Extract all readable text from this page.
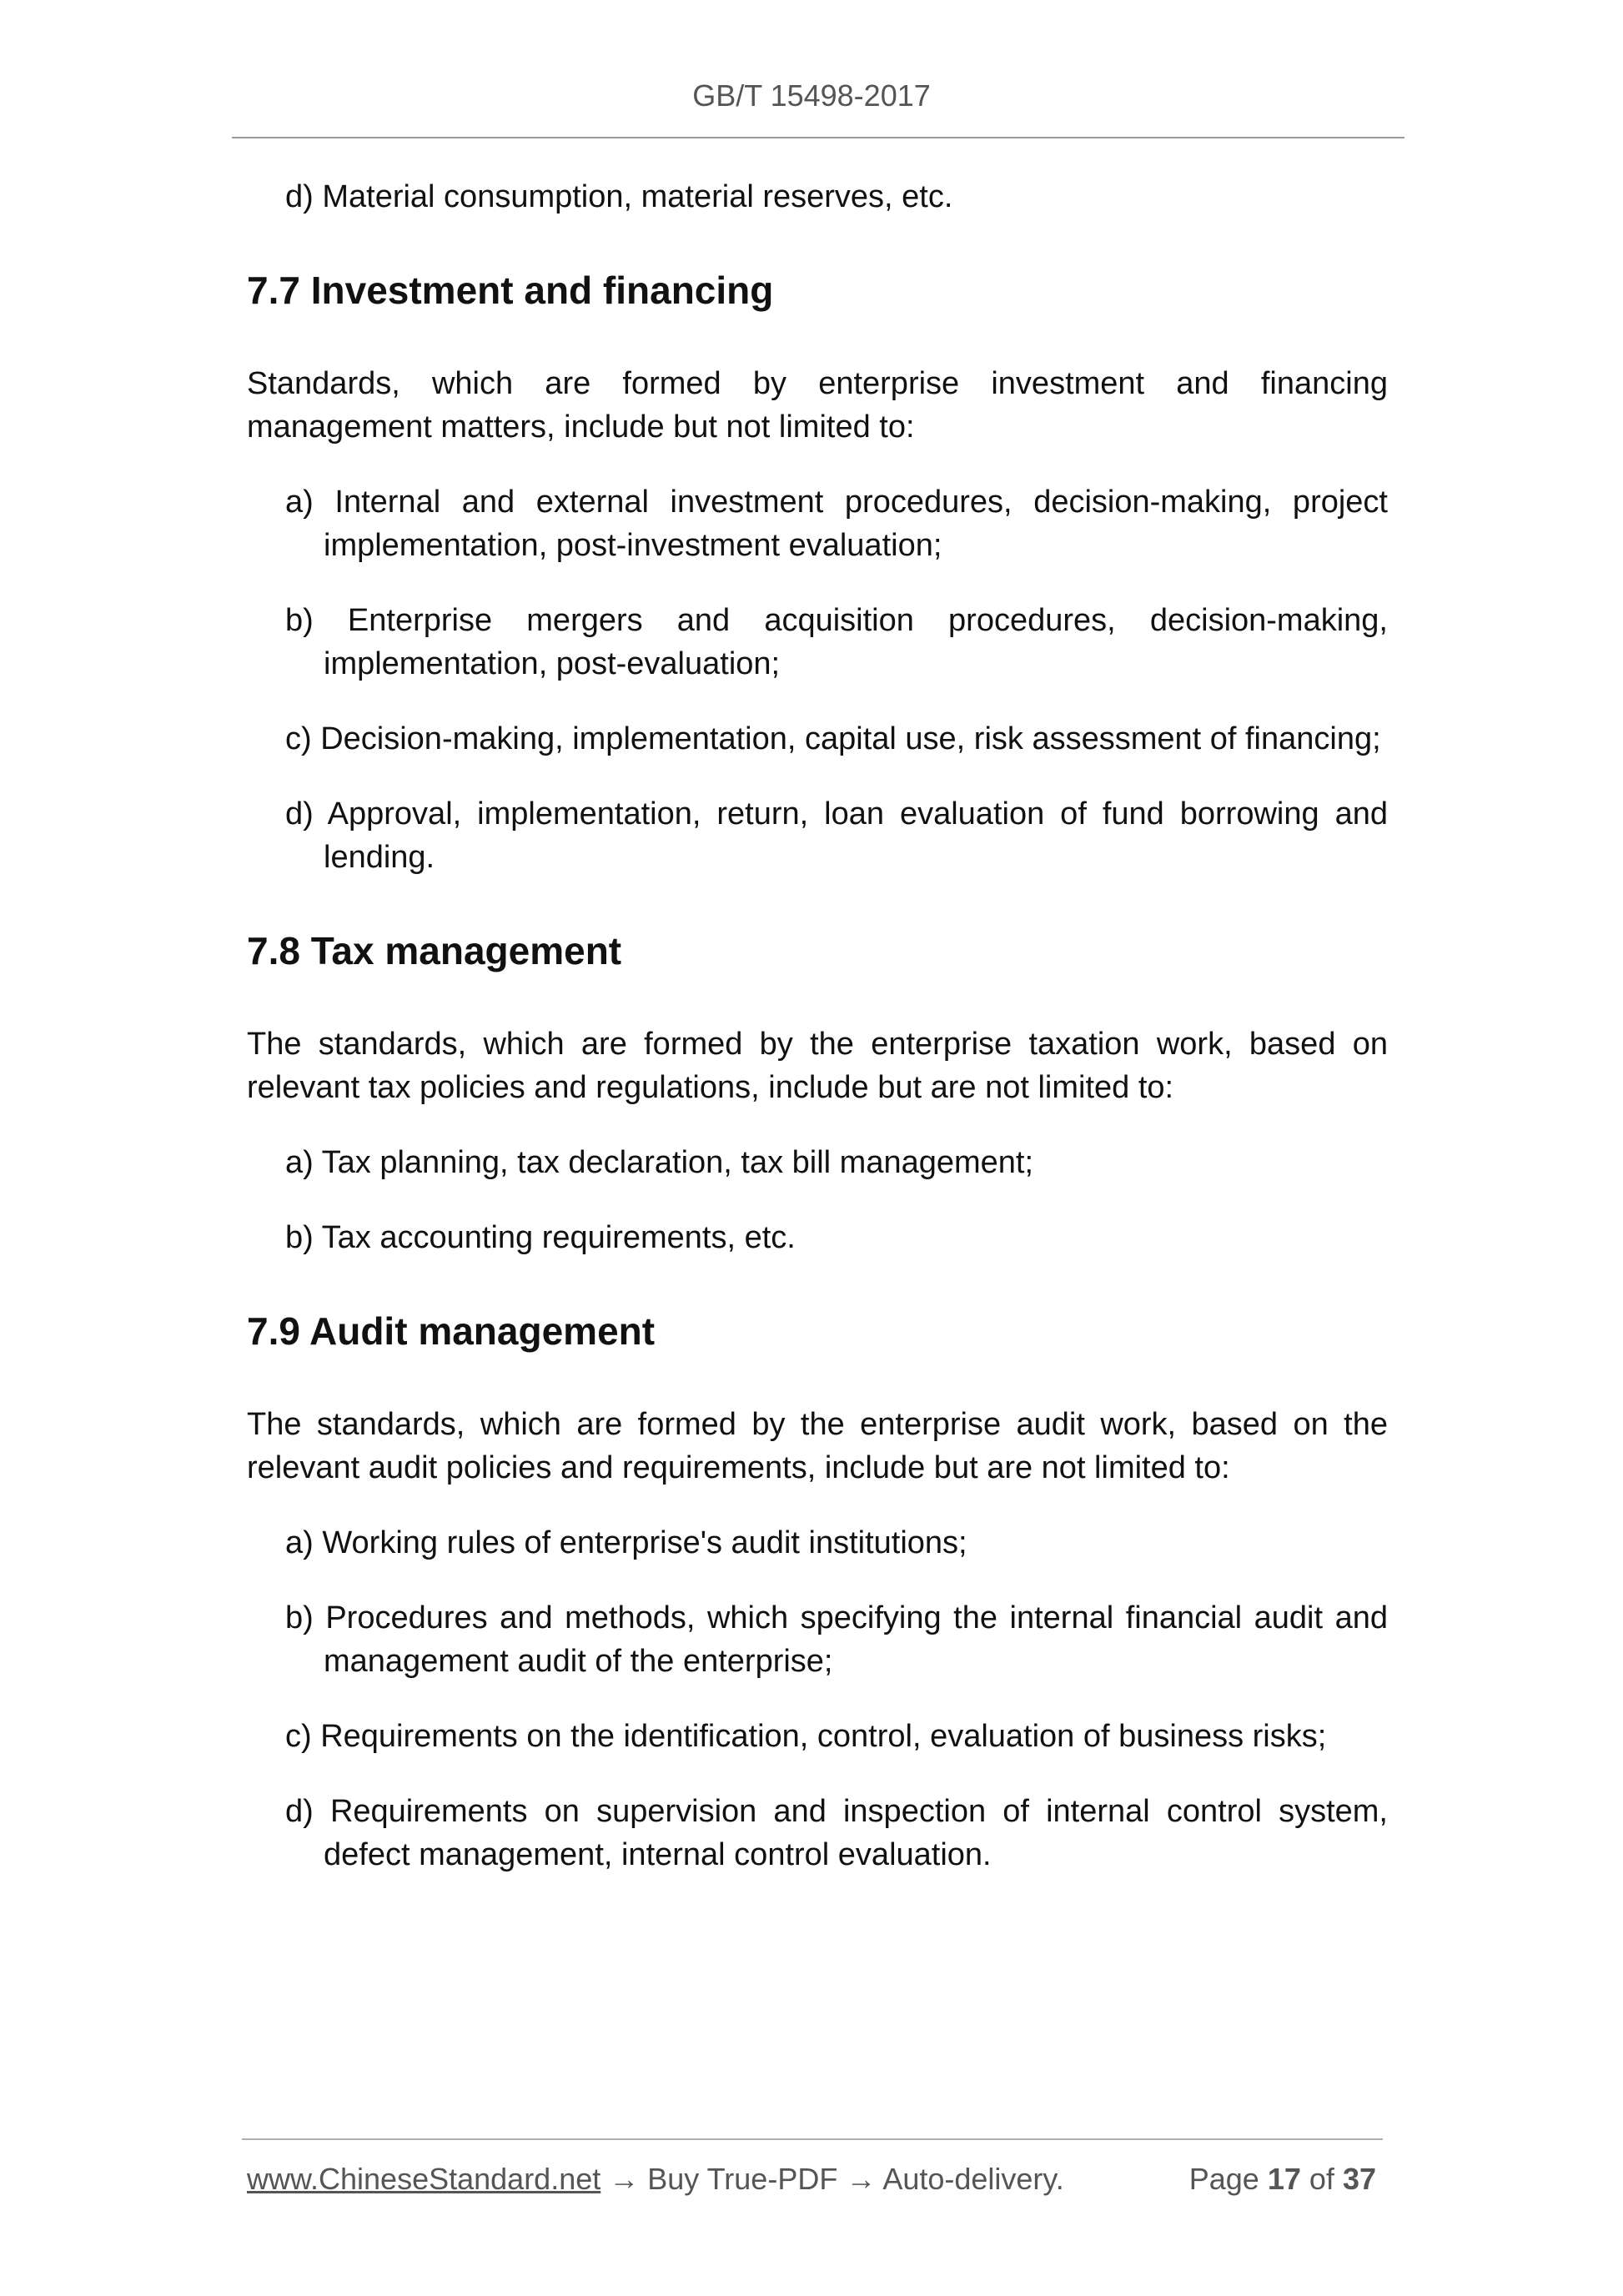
GB/T 15498-2017
d) Material consumption, material reserves, etc.
7.7 Investment and financing

Standards, which are formed by enterprise investment and financing management matters, include but not limited to:

a) Internal and external investment procedures, decision-making, project implementation, post-investment evaluation;
b) Enterprise mergers and acquisition procedures, decision-making, implementation, post-evaluation;
c) Decision-making, implementation, capital use, risk assessment of financing;
d) Approval, implementation, return, loan evaluation of fund borrowing and lending.
7.8 Tax management

The standards, which are formed by the enterprise taxation work, based on relevant tax policies and regulations, include but are not limited to:

a) Tax planning, tax declaration, tax bill management;
b) Tax accounting requirements, etc.
7.9 Audit management

The standards, which are formed by the enterprise audit work, based on the relevant audit policies and requirements, include but are not limited to:

a) Working rules of enterprise's audit institutions;
b) Procedures and methods, which specifying the internal financial audit and management audit of the enterprise;
c) Requirements on the identification, control, evaluation of business risks;
d) Requirements on supervision and inspection of internal control system, defect management, internal control evaluation.
www.ChineseStandard.net → Buy True-PDF → Auto-delivery.	Page 17 of 37
